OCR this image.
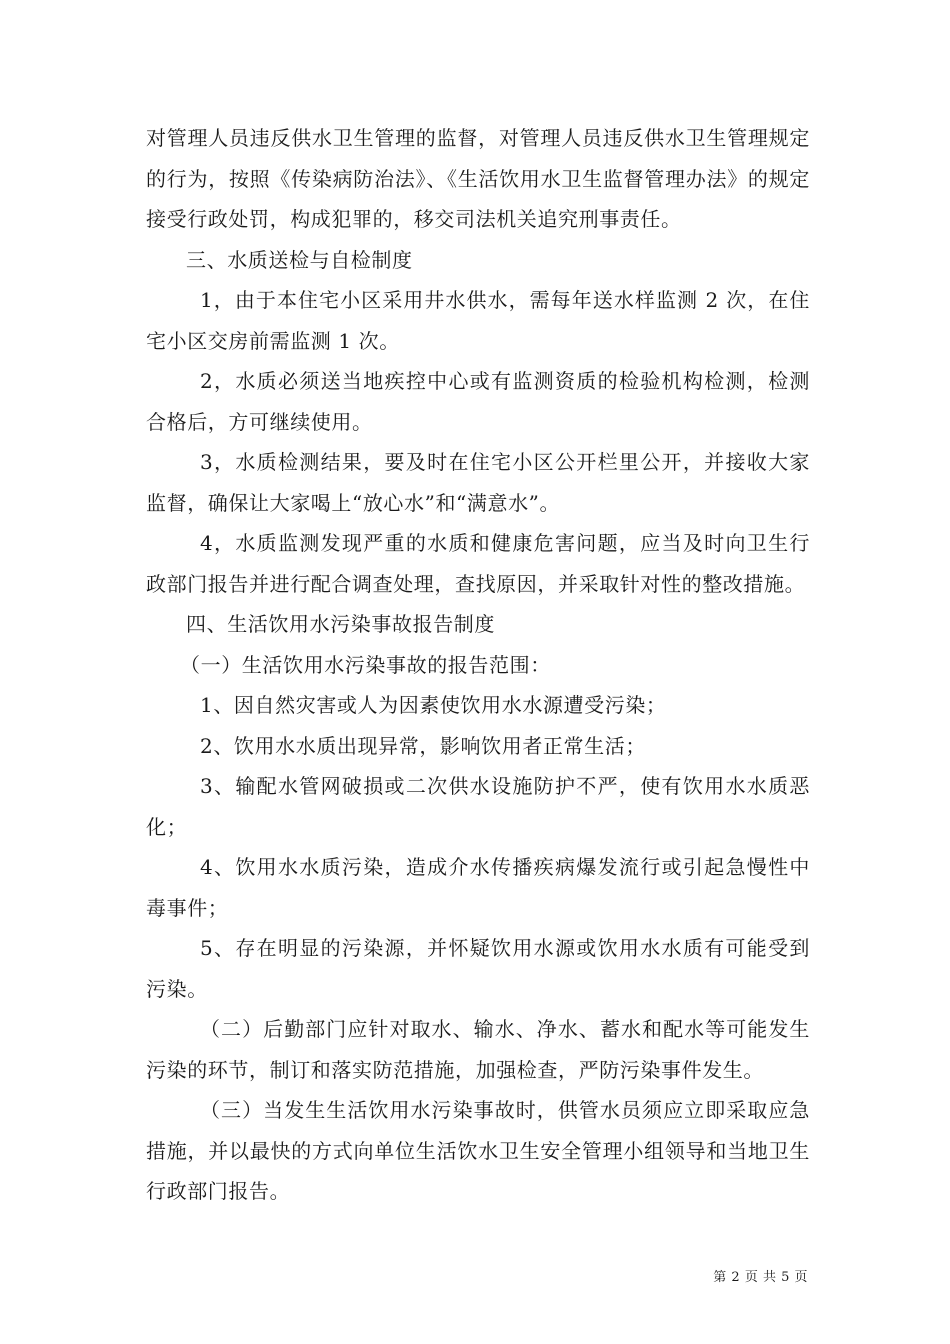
对管理人员违反供水卫生管理的监督，对管理人员违反供水卫生管理规定的行为，按照《传染病防治法》、《生活饮用水卫生监督管理办法》的规定接受行政处罚，构成犯罪的，移交司法机关追究刑事责任。

三、水质送检与自检制度

1，由于本住宅小区采用井水供水，需每年送水样监测 2 次，在住宅小区交房前需监测 1 次。

2，水质必须送当地疾控中心或有监测资质的检验机构检测，检测合格后，方可继续使用。

3，水质检测结果，要及时在住宅小区公开栏里公开，并接收大家监督，确保让大家喝上“放心水”和“满意水”。

4，水质监测发现严重的水质和健康危害问题，应当及时向卫生行政部门报告并进行配合调查处理，查找原因，并采取针对性的整改措施。

四、生活饮用水污染事故报告制度

（一）生活饮用水污染事故的报告范围：

1、因自然灾害或人为因素使饮用水水源遭受污染；

2、饮用水水质出现异常，影响饮用者正常生活；

3、输配水管网破损或二次供水设施防护不严，使有饮用水水质恶化；

4、饮用水水质污染，造成介水传播疾病爆发流行或引起急慢性中毒事件；

5、存在明显的污染源，并怀疑饮用水源或饮用水水质有可能受到污染。

（二）后勤部门应针对取水、输水、净水、蓄水和配水等可能发生污染的环节，制订和落实防范措施，加强检查，严防污染事件发生。

（三）当发生生活饮用水污染事故时，供管水员须应立即采取应急措施，并以最快的方式向单位生活饮水卫生安全管理小组领导和当地卫生行政部门报告。

第 2 页 共 5 页
